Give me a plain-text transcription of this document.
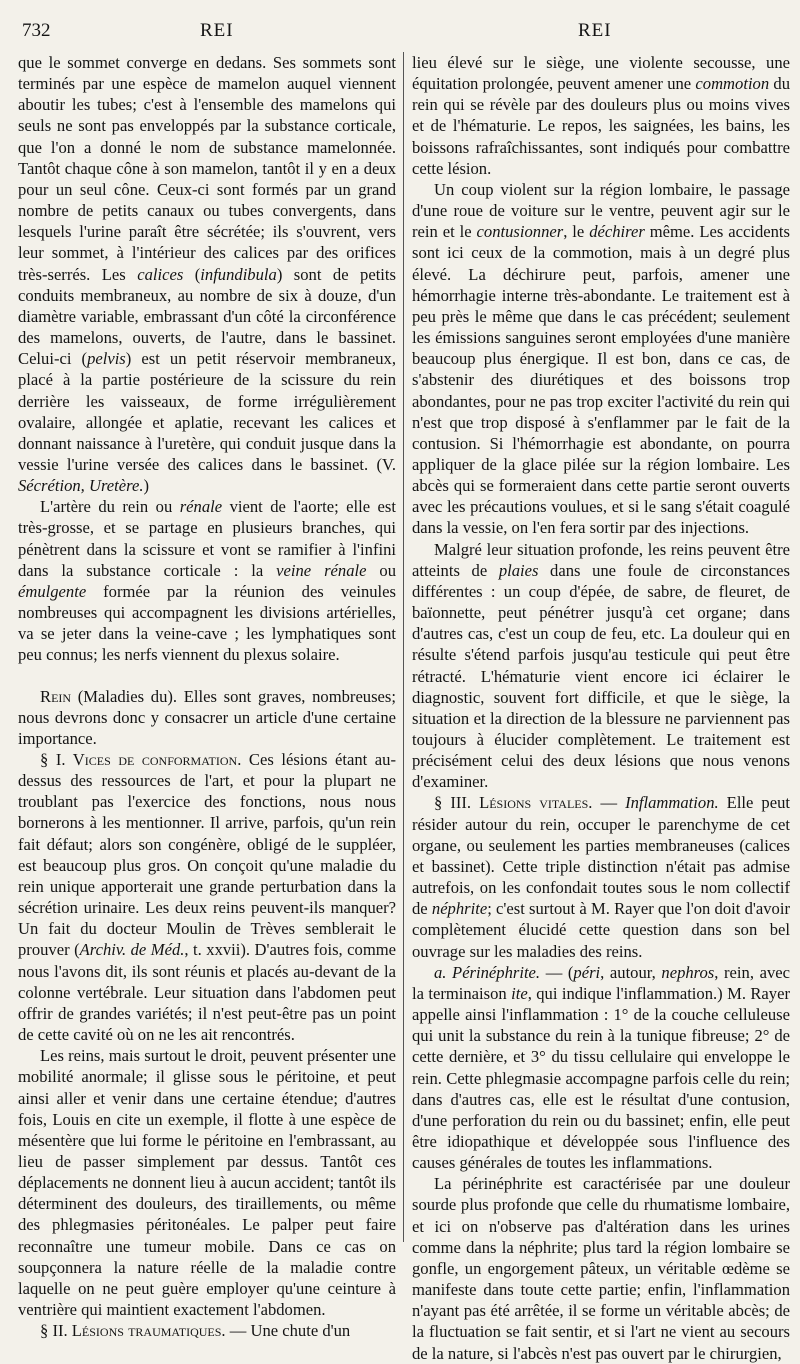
732	REI	REI

que le sommet converge en dedans. Ses sommets sont terminés par une espèce de mamelon auquel viennent aboutir les tubes; c'est à l'ensemble des mamelons qui seuls ne sont pas enveloppés par la substance corticale, que l'on a donné le nom de substance mamelonnée. Tantôt chaque cône à son mamelon, tantôt il y en a deux pour un seul cône. Ceux-ci sont formés par un grand nombre de petits canaux ou tubes convergents, dans lesquels l'urine paraît être sécrétée; ils s'ouvrent, vers leur sommet, à l'intérieur des calices par des orifices très-serrés. Les calices (infundibula) sont de petits conduits membraneux, au nombre de six à douze, d'un diamètre variable, embrassant d'un côté la circonférence des mamelons, ouverts, de l'autre, dans le bassinet. Celui-ci (pelvis) est un petit réservoir membraneux, placé à la partie postérieure de la scissure du rein derrière les vaisseaux, de forme irrégulièrement ovalaire, allongée et aplatie, recevant les calices et donnant naissance à l'uretère, qui conduit jusque dans la vessie l'urine versée des calices dans le bassinet. (V. Sécrétion, Uretère.)

L'artère du rein ou rénale vient de l'aorte; elle est très-grosse, et se partage en plusieurs branches, qui pénètrent dans la scissure et vont se ramifier à l'infini dans la substance corticale : la veine rénale ou émulgente formée par la réunion des veinules nombreuses qui accompagnent les divisions artérielles, va se jeter dans la veine-cave ; les lymphatiques sont peu connus; les nerfs viennent du plexus solaire.

Rein (Maladies du). Elles sont graves, nombreuses; nous devrons donc y consacrer un article d'une certaine importance.

§ I. Vices de conformation. Ces lésions étant au-dessus des ressources de l'art, et pour la plupart ne troublant pas l'exercice des fonctions, nous nous bornerons à les mentionner. Il arrive, parfois, qu'un rein fait défaut; alors son congénère, obligé de le suppléer, est beaucoup plus gros. On conçoit qu'une maladie du rein unique apporterait une grande perturbation dans la sécrétion urinaire. Les deux reins peuvent-ils manquer? Un fait du docteur Moulin de Trèves semblerait le prouver (Archiv. de Méd., t. xxvii). D'autres fois, comme nous l'avons dit, ils sont réunis et placés au-devant de la colonne vertébrale. Leur situation dans l'abdomen peut offrir de grandes variétés; il n'est peut-être pas un point de cette cavité où on ne les ait rencontrés.

Les reins, mais surtout le droit, peuvent présenter une mobilité anormale; il glisse sous le péritoine, et peut ainsi aller et venir dans une certaine étendue; d'autres fois, Louis en cite un exemple, il flotte à une espèce de mésentère que lui forme le péritoine en l'embrassant, au lieu de passer simplement par dessus. Tantôt ces déplacements ne donnent lieu à aucun accident; tantôt ils déterminent des douleurs, des tiraillements, ou même des phlegmasies péritonéales. Le palper peut faire reconnaître une tumeur mobile. Dans ce cas on soupçonnera la nature réelle de la maladie contre laquelle on ne peut guère employer qu'une ceinture à ventrière qui maintient exactement l'abdomen.

§ II. Lésions traumatiques. — Une chute d'un

lieu élevé sur le siège, une violente secousse, une équitation prolongée, peuvent amener une commotion du rein qui se révèle par des douleurs plus ou moins vives et de l'hématurie. Le repos, les saignées, les bains, les boissons rafraîchissantes, sont indiqués pour combattre cette lésion.

Un coup violent sur la région lombaire, le passage d'une roue de voiture sur le ventre, peuvent agir sur le rein et le contusionner, le déchirer même. Les accidents sont ici ceux de la commotion, mais à un degré plus élevé. La déchirure peut, parfois, amener une hémorrhagie interne très-abondante. Le traitement est à peu près le même que dans le cas précédent; seulement les émissions sanguines seront employées d'une manière beaucoup plus énergique. Il est bon, dans ce cas, de s'abstenir des diurétiques et des boissons trop abondantes, pour ne pas trop exciter l'activité du rein qui n'est que trop disposé à s'enflammer par le fait de la contusion. Si l'hémorrhagie est abondante, on pourra appliquer de la glace pilée sur la région lombaire. Les abcès qui se formeraient dans cette partie seront ouverts avec les précautions voulues, et si le sang s'était coagulé dans la vessie, on l'en fera sortir par des injections.

Malgré leur situation profonde, les reins peuvent être atteints de plaies dans une foule de circonstances différentes : un coup d'épée, de sabre, de fleuret, de baïonnette, peut pénétrer jusqu'à cet organe; dans d'autres cas, c'est un coup de feu, etc. La douleur qui en résulte s'étend parfois jusqu'au testicule qui peut être rétracté. L'hématurie vient encore ici éclairer le diagnostic, souvent fort difficile, et que le siège, la situation et la direction de la blessure ne parviennent pas toujours à élucider complètement. Le traitement est précisément celui des deux lésions que nous venons d'examiner.

§ III. Lésions vitales. — Inflammation. Elle peut résider autour du rein, occuper le parenchyme de cet organe, ou seulement les parties membraneuses (calices et bassinet). Cette triple distinction n'était pas admise autrefois, on les confondait toutes sous le nom collectif de néphrite; c'est surtout à M. Rayer que l'on doit d'avoir complètement élucidé cette question dans son bel ouvrage sur les maladies des reins.

a. Périnéphrite. — (péri, autour, nephros, rein, avec la terminaison ite, qui indique l'inflammation.) M. Rayer appelle ainsi l'inflammation : 1° de la couche celluleuse qui unit la substance du rein à la tunique fibreuse; 2° de cette dernière, et 3° du tissu cellulaire qui enveloppe le rein. Cette phlegmasie accompagne parfois celle du rein; dans d'autres cas, elle est le résultat d'une contusion, d'une perforation du rein ou du bassinet; enfin, elle peut être idiopathique et développée sous l'influence des causes générales de toutes les inflammations.

La périnéphrite est caractérisée par une douleur sourde plus profonde que celle du rhumatisme lombaire, et ici on n'observe pas d'altération dans les urines comme dans la néphrite; plus tard la région lombaire se gonfle, un engorgement pâteux, un véritable œdème se manifeste dans toute cette partie; enfin, l'inflammation n'ayant pas été arrêtée, il se forme un véritable abcès; de la fluctuation se fait sentir, et si l'art ne vient au secours de la nature, si l'abcès n'est pas ouvert par le chirurgien,
